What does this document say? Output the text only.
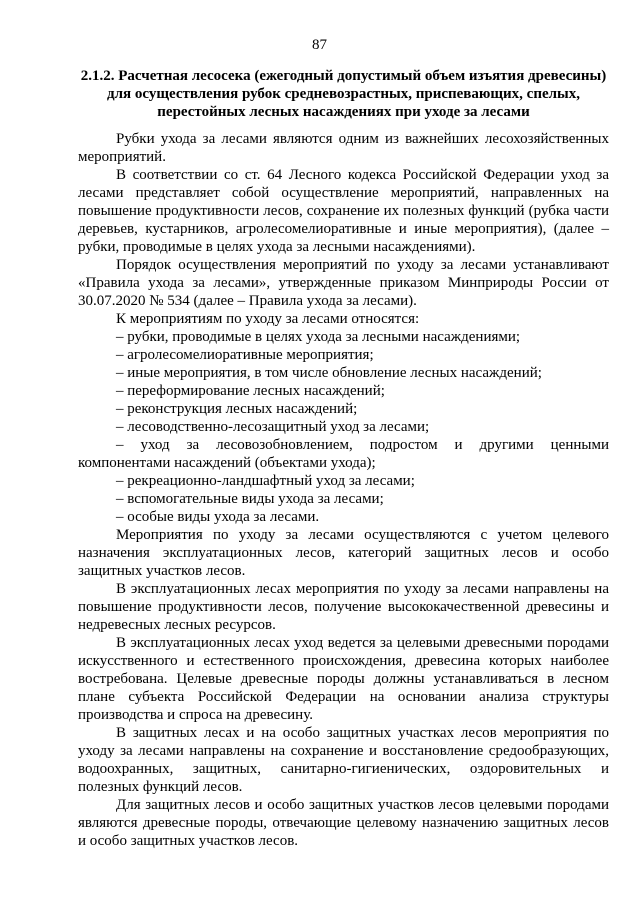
87
2.1.2. Расчетная лесосека (ежегодный допустимый объем изъятия древесины)
для осуществления рубок средневозрастных, приспевающих, спелых,
перестойных лесных насаждениях при уходе за лесами

Рубки ухода за лесами являются одним из важнейших лесохозяйственных мероприятий.

В соответствии со ст. 64 Лесного кодекса Российской Федерации уход за лесами представляет собой осуществление мероприятий, направленных на повышение продуктивности лесов, сохранение их полезных функций (рубка части деревьев, кустарников, агролесомелиоративные и иные мероприятия), (далее – рубки, проводимые в целях ухода за лесными насаждениями).

Порядок осуществления мероприятий по уходу за лесами устанавливают «Правила ухода за лесами», утвержденные приказом Минприроды России от 30.07.2020 № 534 (далее – Правила ухода за лесами).

К мероприятиям по уходу за лесами относятся:

– рубки, проводимые в целях ухода за лесными насаждениями;
– агролесомелиоративные мероприятия;
– иные мероприятия, в том числе обновление лесных насаждений;
– переформирование лесных насаждений;
– реконструкция лесных насаждений;
– лесоводственно-лесозащитный уход за лесами;
– уход за лесовозобновлением, подростом и другими ценными компонентами насаждений (объектами ухода);
– рекреационно-ландшафтный уход за лесами;
– вспомогательные виды ухода за лесами;
– особые виды ухода за лесами.

Мероприятия по уходу за лесами осуществляются с учетом целевого назначения эксплуатационных лесов, категорий защитных лесов и особо защитных участков лесов.

В эксплуатационных лесах мероприятия по уходу за лесами направлены на повышение продуктивности лесов, получение высококачественной древесины и недревесных лесных ресурсов.

В эксплуатационных лесах уход ведется за целевыми древесными породами искусственного и естественного происхождения, древесина которых наиболее востребована. Целевые древесные породы должны устанавливаться в лесном плане субъекта Российской Федерации на основании анализа структуры производства и спроса на древесину.

В защитных лесах и на особо защитных участках лесов мероприятия по уходу за лесами направлены на сохранение и восстановление средообразующих, водоохранных, защитных, санитарно-гигиенических, оздоровительных и полезных функций лесов.

Для защитных лесов и особо защитных участков лесов целевыми породами являются древесные породы, отвечающие целевому назначению защитных лесов и особо защитных участков лесов.
